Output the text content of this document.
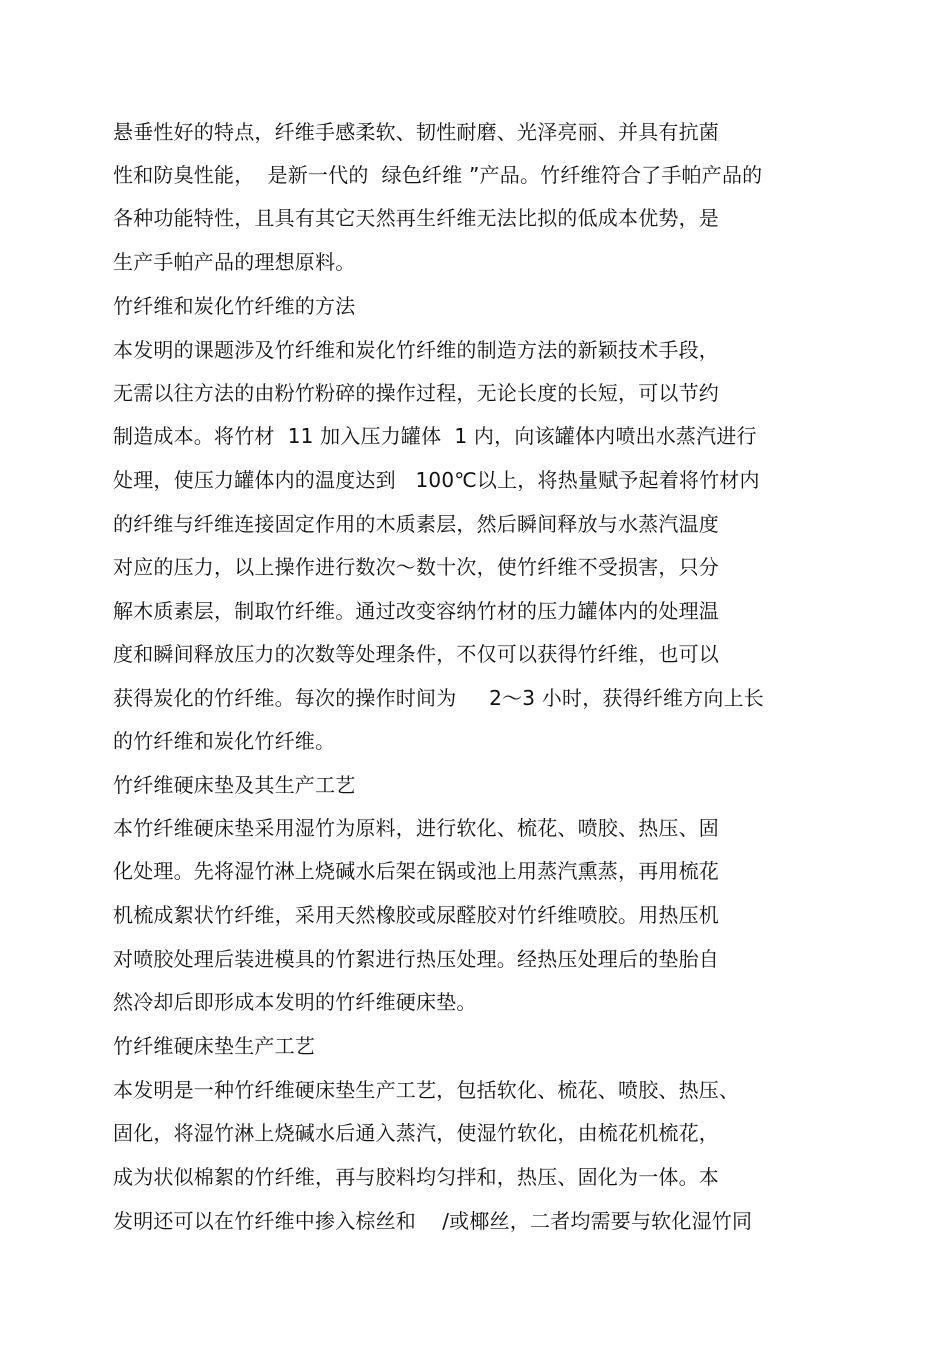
悬垂性好的特点，纤维手感柔软、韧性耐磨、光泽亮丽、并具有抗菌
性和防臭性能，  是新一代的  绿色纤维 ”产品。竹纤维符合了手帕产品的
各种功能特性，且具有其它天然再生纤维无法比拟的低成本优势，是
生产手帕产品的理想原料。
竹纤维和炭化竹纤维的方法
本发明的课题涉及竹纤维和炭化竹纤维的制造方法的新颖技术手段，
无需以往方法的由粉竹粉碎的操作过程，无论长度的长短，可以节约
制造成本。将竹材  11 加入压力罐体  1 内，向该罐体内喷出水蒸汽进行
处理，使压力罐体内的温度达到   100℃以上，将热量赋予起着将竹材内
的纤维与纤维连接固定作用的木质素层，然后瞬间释放与水蒸汽温度
对应的压力，以上操作进行数次～数十次，使竹纤维不受损害，只分
解木质素层，制取竹纤维。通过改变容纳竹材的压力罐体内的处理温
度和瞬间释放压力的次数等处理条件，不仅可以获得竹纤维，也可以
获得炭化的竹纤维。每次的操作时间为     2～3 小时，获得纤维方向上长
的竹纤维和炭化竹纤维。
竹纤维硬床垫及其生产工艺
本竹纤维硬床垫采用湿竹为原料，进行软化、梳花、喷胶、热压、固
化处理。先将湿竹淋上烧碱水后架在锅或池上用蒸汽熏蒸，再用梳花
机梳成絮状竹纤维，采用天然橡胶或尿醛胶对竹纤维喷胶。用热压机
对喷胶处理后装进模具的竹絮进行热压处理。经热压处理后的垫胎自
然冷却后即形成本发明的竹纤维硬床垫。
竹纤维硬床垫生产工艺
本发明是一种竹纤维硬床垫生产工艺，包括软化、梳花、喷胶、热压、
固化，将湿竹淋上烧碱水后通入蒸汽，使湿竹软化，由梳花机梳花，
成为状似棉絮的竹纤维，再与胶料均匀拌和，热压、固化为一体。本
发明还可以在竹纤维中掺入棕丝和    /或椰丝，二者均需要与软化湿竹同
